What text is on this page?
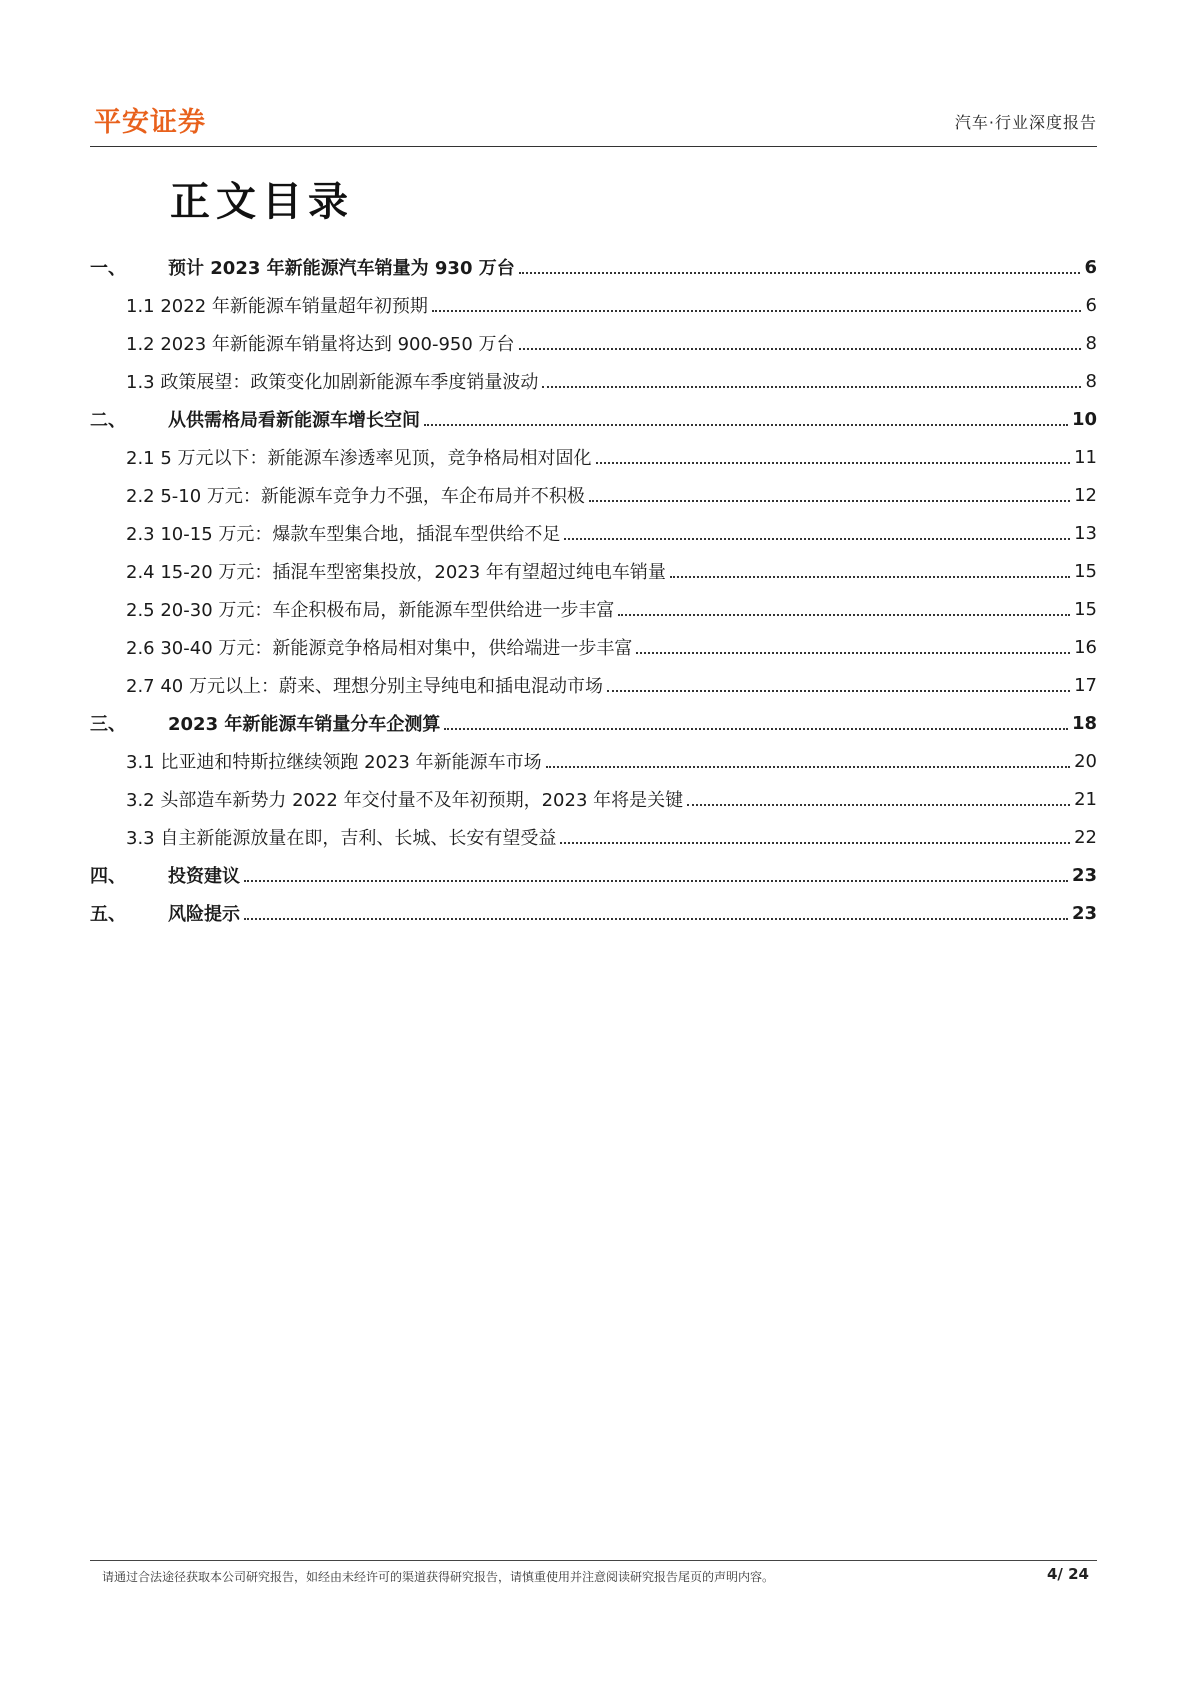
平安证券	汽车·行业深度报告
正文目录
一、	预计 2023 年新能源汽车销量为 930 万台	6
1.1 2022 年新能源车销量超年初预期	6
1.2 2023 年新能源车销量将达到 900-950 万台	8
1.3 政策展望：政策变化加剧新能源车季度销量波动	8
二、	从供需格局看新能源车增长空间	10
2.1 5 万元以下：新能源车渗透率见顶，竞争格局相对固化	11
2.2 5-10 万元：新能源车竞争力不强，车企布局并不积极	12
2.3 10-15 万元：爆款车型集合地，插混车型供给不足	13
2.4 15-20 万元：插混车型密集投放，2023 年有望超过纯电车销量	15
2.5 20-30 万元：车企积极布局，新能源车型供给进一步丰富	15
2.6 30-40 万元：新能源竞争格局相对集中，供给端进一步丰富	16
2.7 40 万元以上：蔚来、理想分别主导纯电和插电混动市场	17
三、	2023 年新能源车销量分车企测算	18
3.1 比亚迪和特斯拉继续领跑 2023 年新能源车市场	20
3.2 头部造车新势力 2022 年交付量不及年初预期，2023 年将是关键	21
3.3 自主新能源放量在即，吉利、长城、长安有望受益	22
四、	投资建议	23
五、	风险提示	23
请通过合法途径获取本公司研究报告，如经由未经许可的渠道获得研究报告，请慎重使用并注意阅读研究报告尾页的声明内容。	4/ 24
